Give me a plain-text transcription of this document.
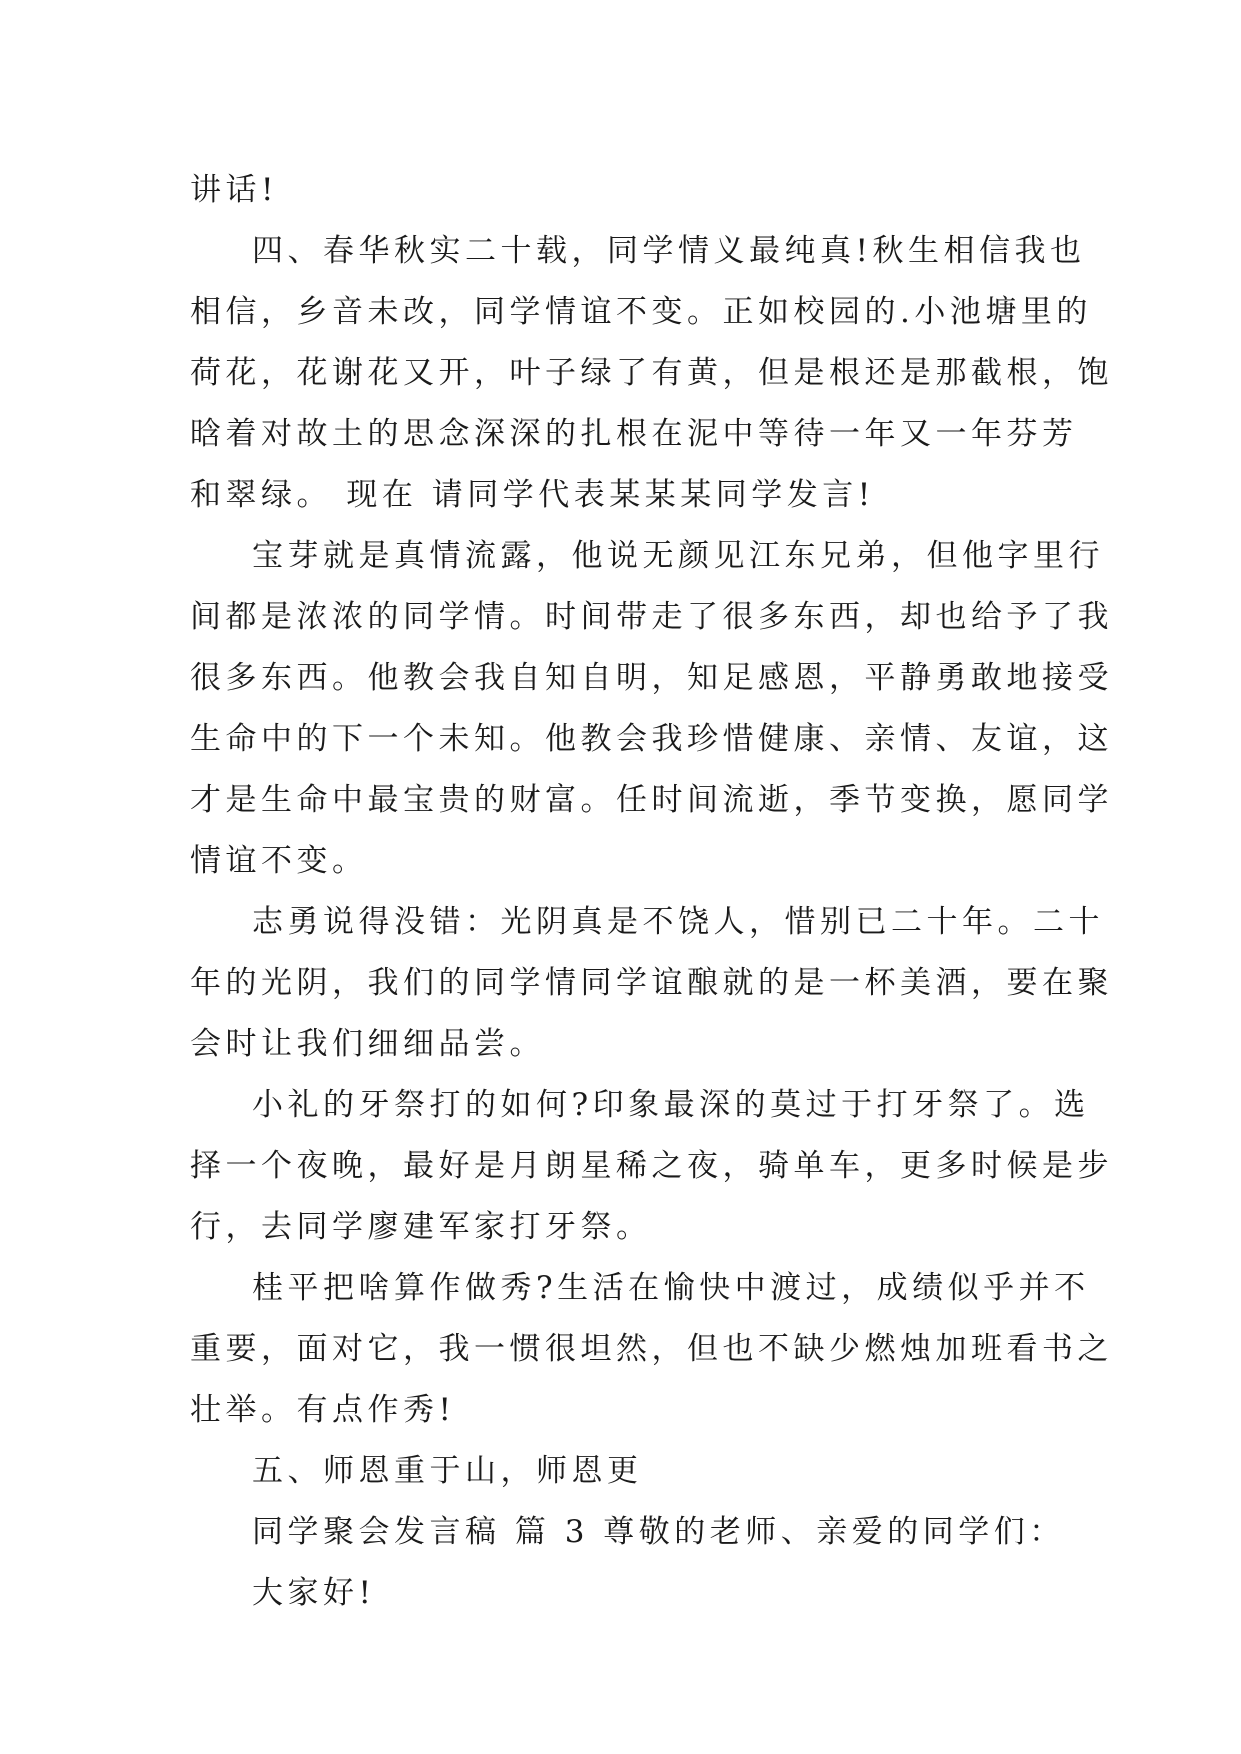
讲话!
四、春华秋实二十载，同学情义最纯真!秋生相信我也
相信，乡音未改，同学情谊不变。正如校园的.小池塘里的
荷花，花谢花又开，叶子绿了有黄，但是根还是那截根，饱
晗着对故土的思念深深的扎根在泥中等待一年又一年芬芳
和翠绿。 现在 请同学代表某某某同学发言!
宝芽就是真情流露，他说无颜见江东兄弟，但他字里行
间都是浓浓的同学情。时间带走了很多东西，却也给予了我
很多东西。他教会我自知自明，知足感恩，平静勇敢地接受
生命中的下一个未知。他教会我珍惜健康、亲情、友谊，这
才是生命中最宝贵的财富。任时间流逝，季节变换，愿同学
情谊不变。
志勇说得没错：光阴真是不饶人，惜别已二十年。二十
年的光阴，我们的同学情同学谊酿就的是一杯美酒，要在聚
会时让我们细细品尝。
小礼的牙祭打的如何?印象最深的莫过于打牙祭了。选
择一个夜晚，最好是月朗星稀之夜，骑单车，更多时候是步
行，去同学廖建军家打牙祭。
桂平把啥算作做秀?生活在愉快中渡过，成绩似乎并不
重要，面对它，我一惯很坦然，但也不缺少燃烛加班看书之
壮举。有点作秀!
五、师恩重于山，师恩更
同学聚会发言稿 篇 3 尊敬的老师、亲爱的同学们：
大家好!
